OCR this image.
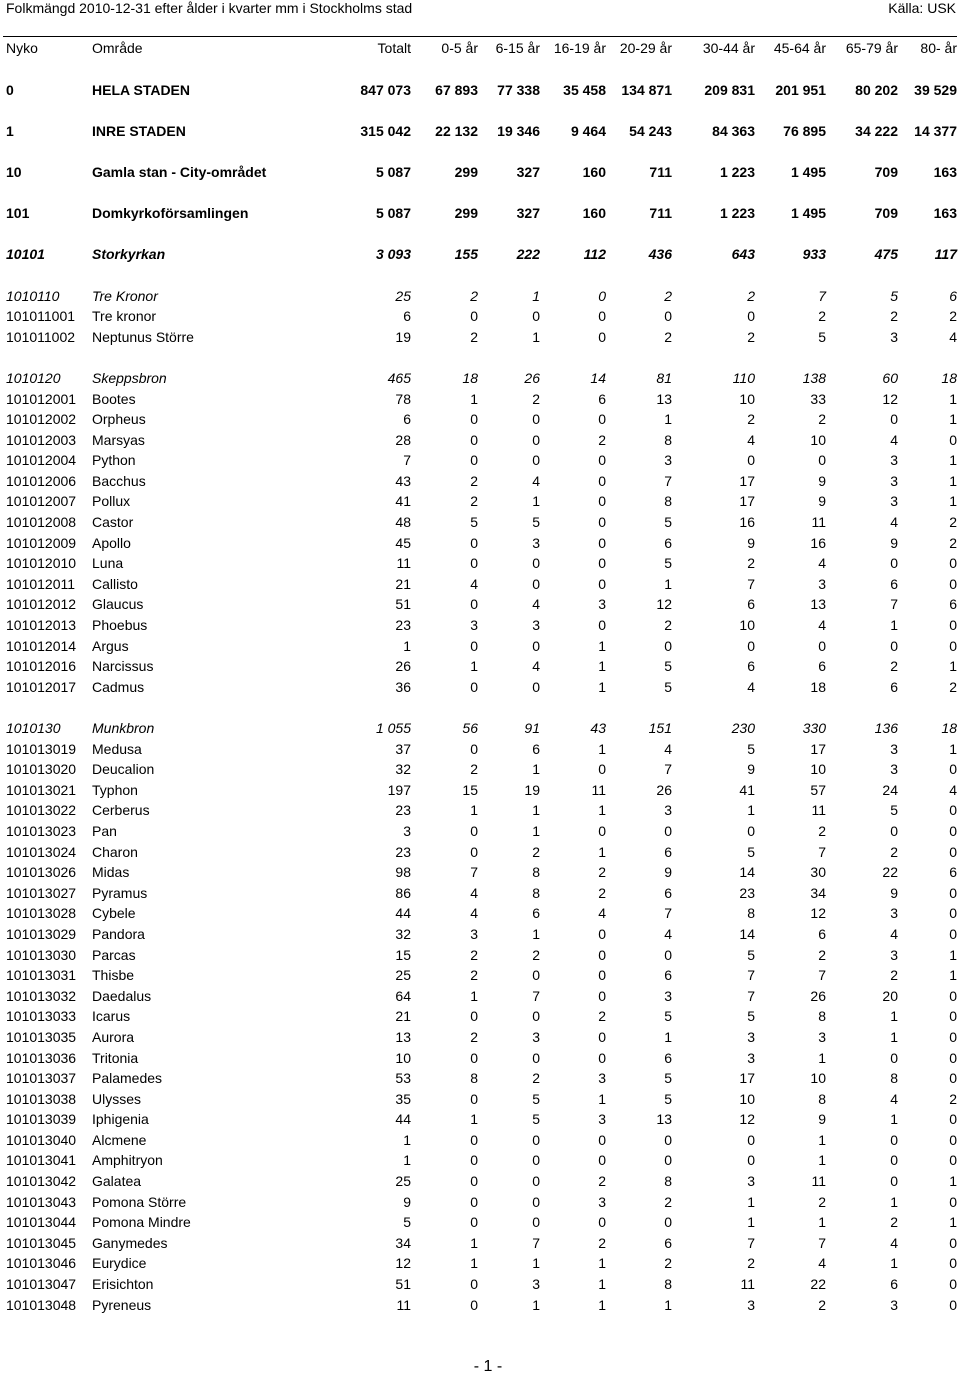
Folkmängd 2010-12-31 efter ålder i kvarter mm i Stockholms stad	Källa: USK
Nyko	Område	Totalt	0-5 år	6-15 år	16-19 år	20-29 år	30-44 år	45-64 år	65-79 år	80- år

0	HELA STADEN	847 073	67 893	77 338	35 458	134 871	209 831	201 951	80 202	39 529

1	INRE STADEN	315 042	22 132	19 346	9 464	54 243	84 363	76 895	34 222	14 377

10	Gamla stan - City-området	5 087	299	327	160	711	1 223	1 495	709	163

101	Domkyrkoförsamlingen	5 087	299	327	160	711	1 223	1 495	709	163

10101	Storkyrkan	3 093	155	222	112	436	643	933	475	117

1010110	Tre Kronor	25	2	1	0	2	2	7	5	6
101011001	Tre kronor	6	0	0	0	0	0	2	2	2
101011002	Neptunus Större	19	2	1	0	2	2	5	3	4

1010120	Skeppsbron	465	18	26	14	81	110	138	60	18
101012001	Bootes	78	1	2	6	13	10	33	12	1
101012002	Orpheus	6	0	0	0	1	2	2	0	1
101012003	Marsyas	28	0	0	2	8	4	10	4	0
101012004	Python	7	0	0	0	3	0	0	3	1
101012006	Bacchus	43	2	4	0	7	17	9	3	1
101012007	Pollux	41	2	1	0	8	17	9	3	1
101012008	Castor	48	5	5	0	5	16	11	4	2
101012009	Apollo	45	0	3	0	6	9	16	9	2
101012010	Luna	11	0	0	0	5	2	4	0	0
101012011	Callisto	21	4	0	0	1	7	3	6	0
101012012	Glaucus	51	0	4	3	12	6	13	7	6
101012013	Phoebus	23	3	3	0	2	10	4	1	0
101012014	Argus	1	0	0	1	0	0	0	0	0
101012016	Narcissus	26	1	4	1	5	6	6	2	1
101012017	Cadmus	36	0	0	1	5	4	18	6	2

1010130	Munkbron	1 055	56	91	43	151	230	330	136	18
101013019	Medusa	37	0	6	1	4	5	17	3	1
101013020	Deucalion	32	2	1	0	7	9	10	3	0
101013021	Typhon	197	15	19	11	26	41	57	24	4
101013022	Cerberus	23	1	1	1	3	1	11	5	0
101013023	Pan	3	0	1	0	0	0	2	0	0
101013024	Charon	23	0	2	1	6	5	7	2	0
101013026	Midas	98	7	8	2	9	14	30	22	6
101013027	Pyramus	86	4	8	2	6	23	34	9	0
101013028	Cybele	44	4	6	4	7	8	12	3	0
101013029	Pandora	32	3	1	0	4	14	6	4	0
101013030	Parcas	15	2	2	0	0	5	2	3	1
101013031	Thisbe	25	2	0	0	6	7	7	2	1
101013032	Daedalus	64	1	7	0	3	7	26	20	0
101013033	Icarus	21	0	0	2	5	5	8	1	0
101013035	Aurora	13	2	3	0	1	3	3	1	0
101013036	Tritonia	10	0	0	0	6	3	1	0	0
101013037	Palamedes	53	8	2	3	5	17	10	8	0
101013038	Ulysses	35	0	5	1	5	10	8	4	2
101013039	Iphigenia	44	1	5	3	13	12	9	1	0
101013040	Alcmene	1	0	0	0	0	0	1	0	0
101013041	Amphitryon	1	0	0	0	0	0	1	0	0
101013042	Galatea	25	0	0	2	8	3	11	0	1
101013043	Pomona Större	9	0	0	3	2	1	2	1	0
101013044	Pomona Mindre	5	0	0	0	0	1	1	2	1
101013045	Ganymedes	34	1	7	2	6	7	7	4	0
101013046	Eurydice	12	1	1	1	2	2	4	1	0
101013047	Erisichton	51	0	3	1	8	11	22	6	0
101013048	Pyreneus	11	0	1	1	1	3	2	3	0
- 1 -
